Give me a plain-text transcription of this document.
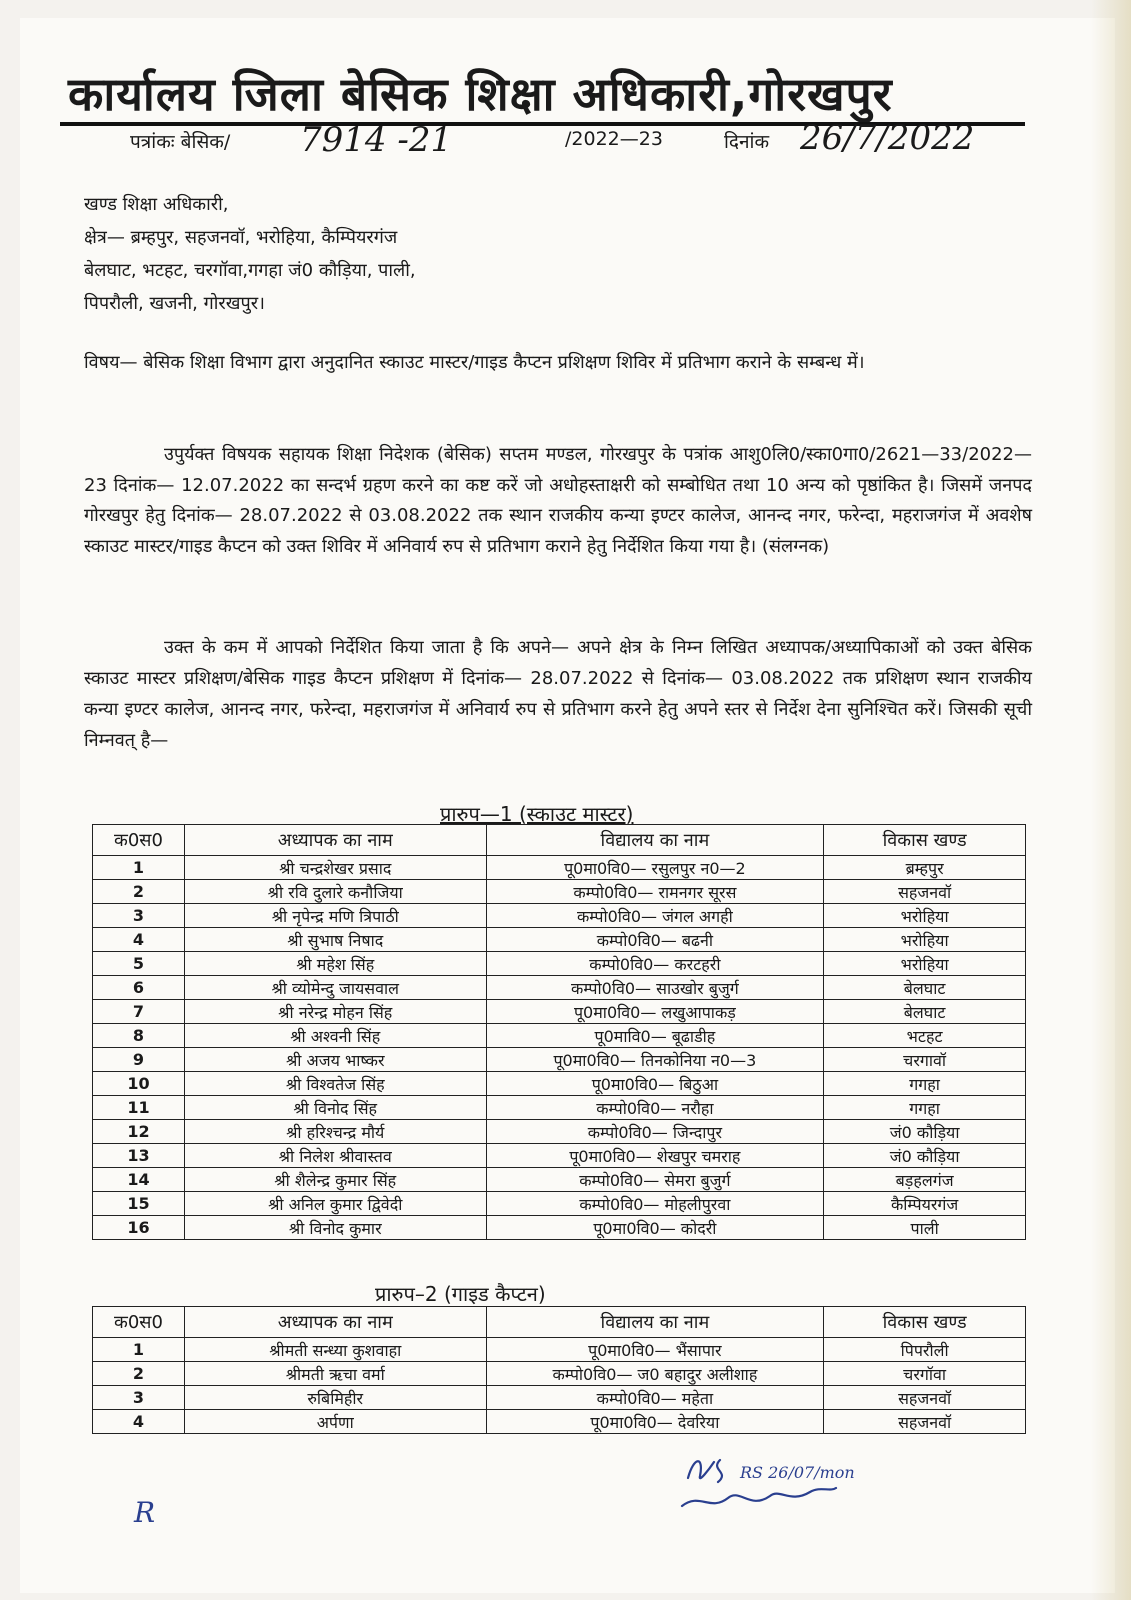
कार्यालय जिला बेसिक शिक्षा अधिकारी,गोरखपुर
पत्रांकः बेसिक/ 7914 -21	/2022—23	दिनांक 26/7/2022
खण्ड शिक्षा अधिकारी,
क्षेत्र— ब्रम्हपुर, सहजनवॉ, भरोहिया, कैम्पियरगंज
बेलघाट, भटहट, चरगॉवा,गगहा जं0 कौड़िया, पाली,
पिपरौली, खजनी, गोरखपुर।
विषय— बेसिक शिक्षा विभाग द्वारा अनुदानित स्काउट मास्टर/गाइड कैप्टन प्रशिक्षण शिविर में प्रतिभाग कराने के सम्बन्ध में।
उपुर्यक्त विषयक सहायक शिक्षा निदेशक (बेसिक) सप्तम मण्डल, गोरखपुर के पत्रांक आशु0लि0/स्का0गा0/2621—33/2022—23 दिनांक— 12.07.2022 का सन्दर्भ ग्रहण करने का कष्ट करें जो अधोहस्ताक्षरी को सम्बोधित तथा 10 अन्य को पृष्ठांकित है। जिसमें जनपद गोरखपुर हेतु दिनांक— 28.07.2022 से 03.08.2022 तक स्थान राजकीय कन्या इण्टर कालेज, आनन्द नगर, फरेन्दा, महराजगंज में अवशेष स्काउट मास्टर/गाइड कैप्टन को उक्त शिविर में अनिवार्य रुप से प्रतिभाग कराने हेतु निर्देशित किया गया है। (संलग्नक)
उक्त के कम में आपको निर्देशित किया जाता है कि अपने— अपने क्षेत्र के निम्न लिखित अध्यापक/अध्यापिकाओं को उक्त बेसिक स्काउट मास्टर प्रशिक्षण/बेसिक गाइड कैप्टन प्रशिक्षण में दिनांक— 28.07.2022 से दिनांक— 03.08.2022 तक प्रशिक्षण स्थान राजकीय कन्या इण्टर कालेज, आनन्द नगर, फरेन्दा, महराजगंज में अनिवार्य रुप से प्रतिभाग करने हेतु अपने स्तर से निर्देश देना सुनिश्चित करें। जिसकी सूची निम्नवत् है—
प्रारुप—1 (स्काउट मास्टर)
क0स0	अध्यापक का नाम	विद्यालय का नाम	विकास खण्ड
1	श्री चन्द्रशेखर प्रसाद	पू0मा0वि0— रसुलपुर न0—2	ब्रम्हपुर
2	श्री रवि दुलारे कनौजिया	कम्पो0वि0— रामनगर सूरस	सहजनवॉ
3	श्री नृपेन्द्र मणि त्रिपाठी	कम्पो0वि0— जंगल अगही	भरोहिया
4	श्री सुभाष निषाद	कम्पो0वि0— बढनी	भरोहिया
5	श्री महेश सिंह	कम्पो0वि0— करटहरी	भरोहिया
6	श्री व्योमेन्दु जायसवाल	कम्पो0वि0— साउखोर बुजुर्ग	बेलघाट
7	श्री नरेन्द्र मोहन सिंह	पू0मा0वि0— लखुआपाकड़	बेलघाट
8	श्री अश्वनी सिंह	पू0मावि0— बूढाडीह	भटहट
9	श्री अजय भाष्कर	पू0मा0वि0— तिनकोनिया न0—3	चरगावॉ
10	श्री विश्वतेज सिंह	पू0मा0वि0— बिठुआ	गगहा
11	श्री विनोद सिंह	कम्पो0वि0— नरौहा	गगहा
12	श्री हरिश्चन्द्र मौर्य	कम्पो0वि0— जिन्दापुर	जं0 कौड़िया
13	श्री निलेश श्रीवास्तव	पू0मा0वि0— शेखपुर चमराह	जं0 कौड़िया
14	श्री शैलेन्द्र कुमार सिंह	कम्पो0वि0— सेमरा बुजुर्ग	बड़हलगंज
15	श्री अनिल कुमार द्विवेदी	कम्पो0वि0— मोहलीपुरवा	कैम्पियरगंज
16	श्री विनोद कुमार	पू0मा0वि0— कोदरी	पाली
प्रारुप–2 (गाइड कैप्टन)
क0स0	अध्यापक का नाम	विद्यालय का नाम	विकास खण्ड
1	श्रीमती सन्ध्या कुशवाहा	पू0मा0वि0— भैंसापार	पिपरौली
2	श्रीमती ऋचा वर्मा	कम्पो0वि0— ज0 बहादुर अलीशाह	चरगॉवा
3	रुबिमिहीर	कम्पो0वि0— महेता	सहजनवॉ
4	अर्पणा	पू0मा0वि0— देवरिया	सहजनवॉ
RS 26/07/mon
R
